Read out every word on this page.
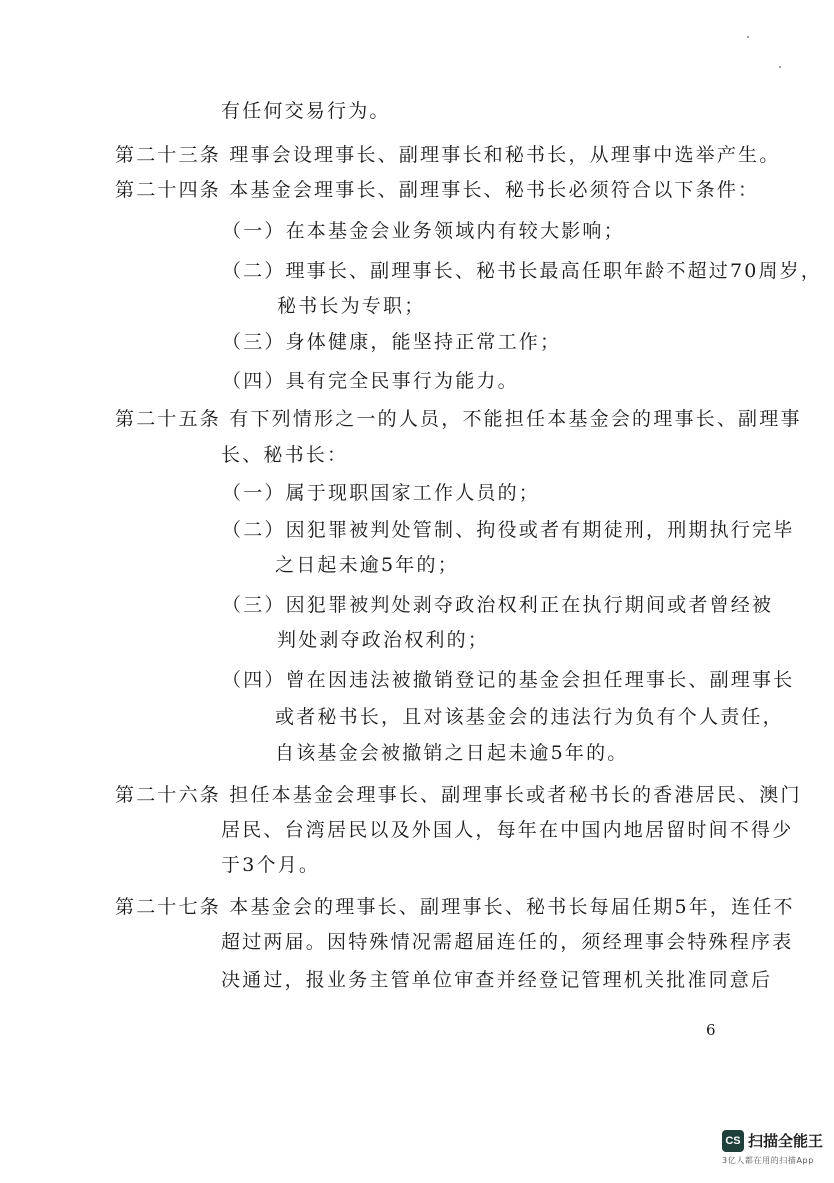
有任何交易行为。
第二十三条 理事会设理事长、副理事长和秘书长，从理事中选举产生。
第二十四条 本基金会理事长、副理事长、秘书长必须符合以下条件：
（一）在本基金会业务领域内有较大影响；
（二）理事长、副理事长、秘书长最高任职年龄不超过70周岁，
秘书长为专职；
（三）身体健康，能坚持正常工作；
（四）具有完全民事行为能力。
第二十五条 有下列情形之一的人员，不能担任本基金会的理事长、副理事
长、秘书长：
（一）属于现职国家工作人员的；
（二）因犯罪被判处管制、拘役或者有期徒刑，刑期执行完毕
之日起未逾5年的；
（三）因犯罪被判处剥夺政治权利正在执行期间或者曾经被
判处剥夺政治权利的；
（四）曾在因违法被撤销登记的基金会担任理事长、副理事长
或者秘书长，且对该基金会的违法行为负有个人责任，
自该基金会被撤销之日起未逾5年的。
第二十六条 担任本基金会理事长、副理事长或者秘书长的香港居民、澳门
居民、台湾居民以及外国人，每年在中国内地居留时间不得少
于3个月。
第二十七条 本基金会的理事长、副理事长、秘书长每届任期5年，连任不
超过两届。因特殊情况需超届连任的，须经理事会特殊程序表
决通过，报业务主管单位审查并经登记管理机关批准同意后
6
CS 扫描全能王
3亿人都在用的扫描App
